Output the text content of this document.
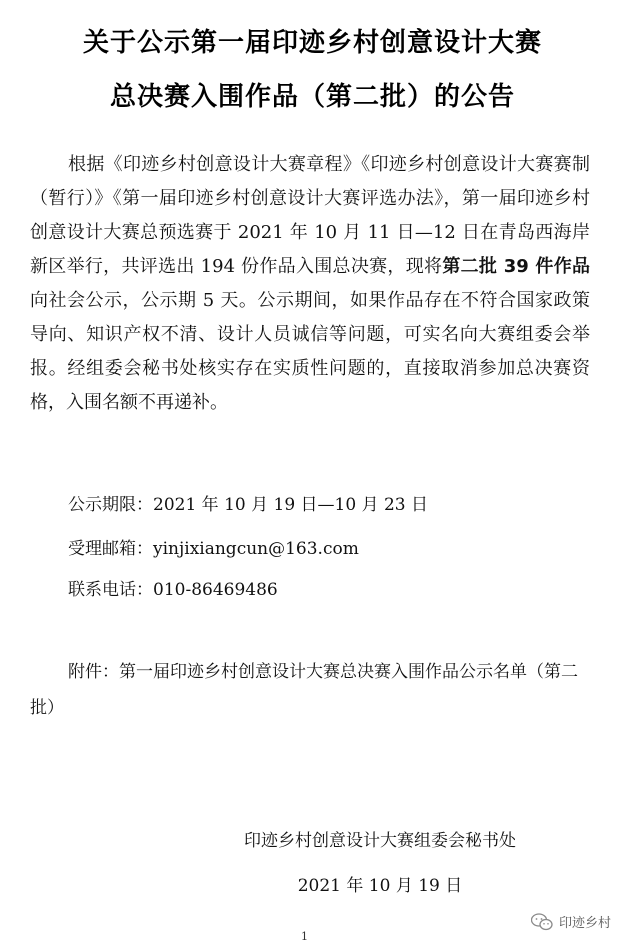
关于公示第一届印迹乡村创意设计大赛
总决赛入围作品（第二批）的公告

根据《印迹乡村创意设计大赛章程》《印迹乡村创意设计大赛赛制（暂行）》《第一届印迹乡村创意设计大赛评选办法》，第一届印迹乡村创意设计大赛总预选赛于 2021 年 10 月 11 日—12 日在青岛西海岸新区举行，共评选出 194 份作品入围总决赛，现将第二批 39 件作品向社会公示，公示期 5 天。公示期间，如果作品存在不符合国家政策导向、知识产权不清、设计人员诚信等问题，可实名向大赛组委会举报。经组委会秘书处核实存在实质性问题的，直接取消参加总决赛资格，入围名额不再递补。

公示期限：2021 年 10 月 19 日—10 月 23 日
受理邮箱：yinjixiangcun@163.com
联系电话：010-86469486

附件：第一届印迹乡村创意设计大赛总决赛入围作品公示名单（第二批）

印迹乡村创意设计大赛组委会秘书处
2021 年 10 月 19 日
1
印迹乡村
